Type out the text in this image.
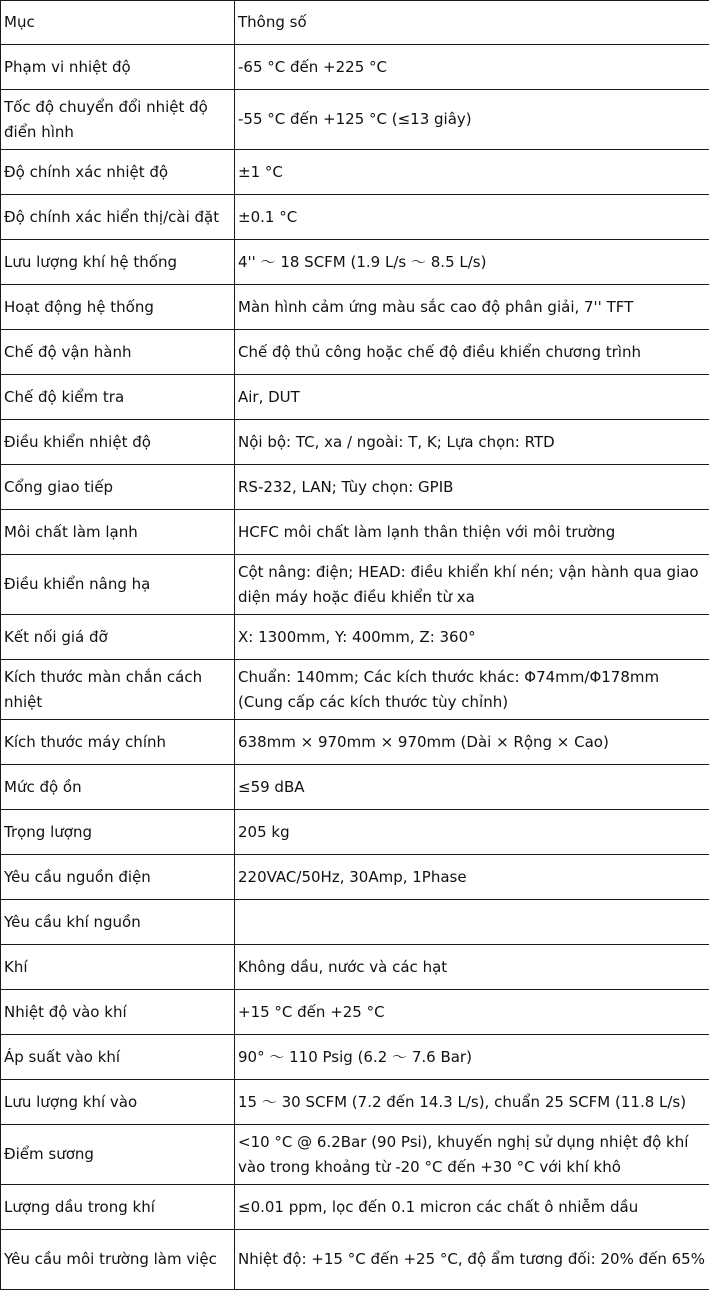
Mục	Thông số
Phạm vi nhiệt độ	-65 °C đến +225 °C
Tốc độ chuyển đổi nhiệt độ điển hình	-55 °C đến +125 °C (≤13 giây)
Độ chính xác nhiệt độ	±1 °C
Độ chính xác hiển thị/cài đặt	±0.1 °C
Lưu lượng khí hệ thống	4'' ～ 18 SCFM (1.9 L/s ～ 8.5 L/s)
Hoạt động hệ thống	Màn hình cảm ứng màu sắc cao độ phân giải, 7'' TFT
Chế độ vận hành	Chế độ thủ công hoặc chế độ điều khiển chương trình
Chế độ kiểm tra	Air, DUT
Điều khiển nhiệt độ	Nội bộ: TC, xa / ngoài: T, K; Lựa chọn: RTD
Cổng giao tiếp	RS-232, LAN; Tùy chọn: GPIB
Môi chất làm lạnh	HCFC môi chất làm lạnh thân thiện với môi trường
Điều khiển nâng hạ	Cột nâng: điện; HEAD: điều khiển khí nén; vận hành qua giao diện máy hoặc điều khiển từ xa
Kết nối giá đỡ	X: 1300mm, Y: 400mm, Z: 360°
Kích thước màn chắn cách nhiệt	Chuẩn: 140mm; Các kích thước khác: Φ74mm/Φ178mm (Cung cấp các kích thước tùy chỉnh)
Kích thước máy chính	638mm × 970mm × 970mm (Dài × Rộng × Cao)
Mức độ ồn	≤59 dBA
Trọng lượng	205 kg
Yêu cầu nguồn điện	220VAC/50Hz, 30Amp, 1Phase
Yêu cầu khí nguồn	
Khí	Không dầu, nước và các hạt
Nhiệt độ vào khí	+15 °C đến +25 °C
Áp suất vào khí	90° ～ 110 Psig (6.2 ～ 7.6 Bar)
Lưu lượng khí vào	15 ～ 30 SCFM (7.2 đến 14.3 L/s), chuẩn 25 SCFM (11.8 L/s)
Điểm sương	<10 °C @ 6.2Bar (90 Psi), khuyến nghị sử dụng nhiệt độ khí vào trong khoảng từ -20 °C đến +30 °C với khí khô
Lượng dầu trong khí	≤0.01 ppm, lọc đến 0.1 micron các chất ô nhiễm dầu
Yêu cầu môi trường làm việc	Nhiệt độ: +15 °C đến +25 °C, độ ẩm tương đối: 20% đến 65%
